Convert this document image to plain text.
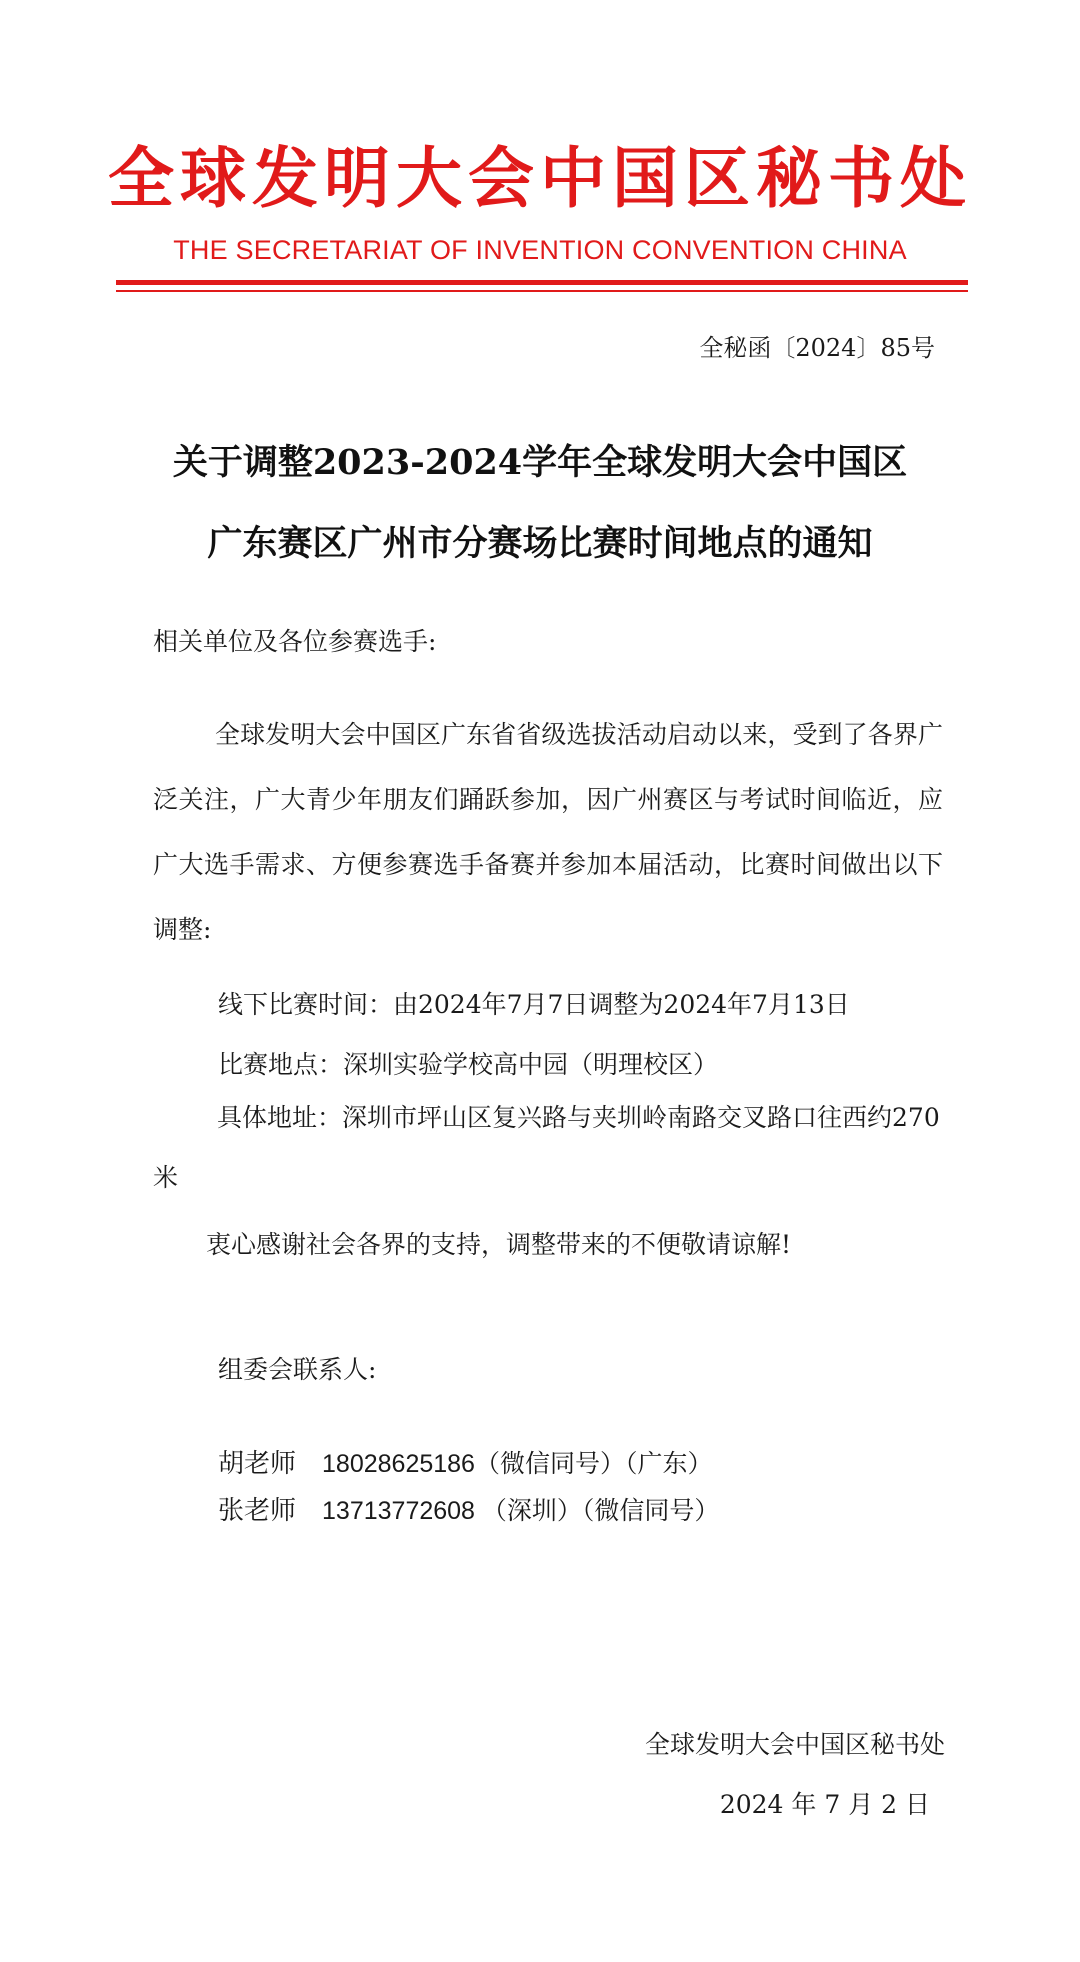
全球发明大会中国区秘书处
THE SECRETARIAT OF INVENTION CONVENTION CHINA
全秘函〔2024〕85号
关于调整2023-2024学年全球发明大会中国区
广东赛区广州市分赛场比赛时间地点的通知
相关单位及各位参赛选手:
全球发明大会中国区广东省省级选拔活动启动以来，受到了各界广泛关注，广大青少年朋友们踊跃参加，因广州赛区与考试时间临近，应广大选手需求、方便参赛选手备赛并参加本届活动，比赛时间做出以下调整:
线下比赛时间：由2024年7月7日调整为2024年7月13日
比赛地点：深圳实验学校高中园（明理校区）
具体地址：深圳市坪山区复兴路与夹圳岭南路交叉路口往西约270米
衷心感谢社会各界的支持，调整带来的不便敬请谅解!
组委会联系人:
胡老师 18028625186（微信同号）（广东）
张老师 13713772608 （深圳）（微信同号）
全球发明大会中国区秘书处
2024 年 7 月 2 日
